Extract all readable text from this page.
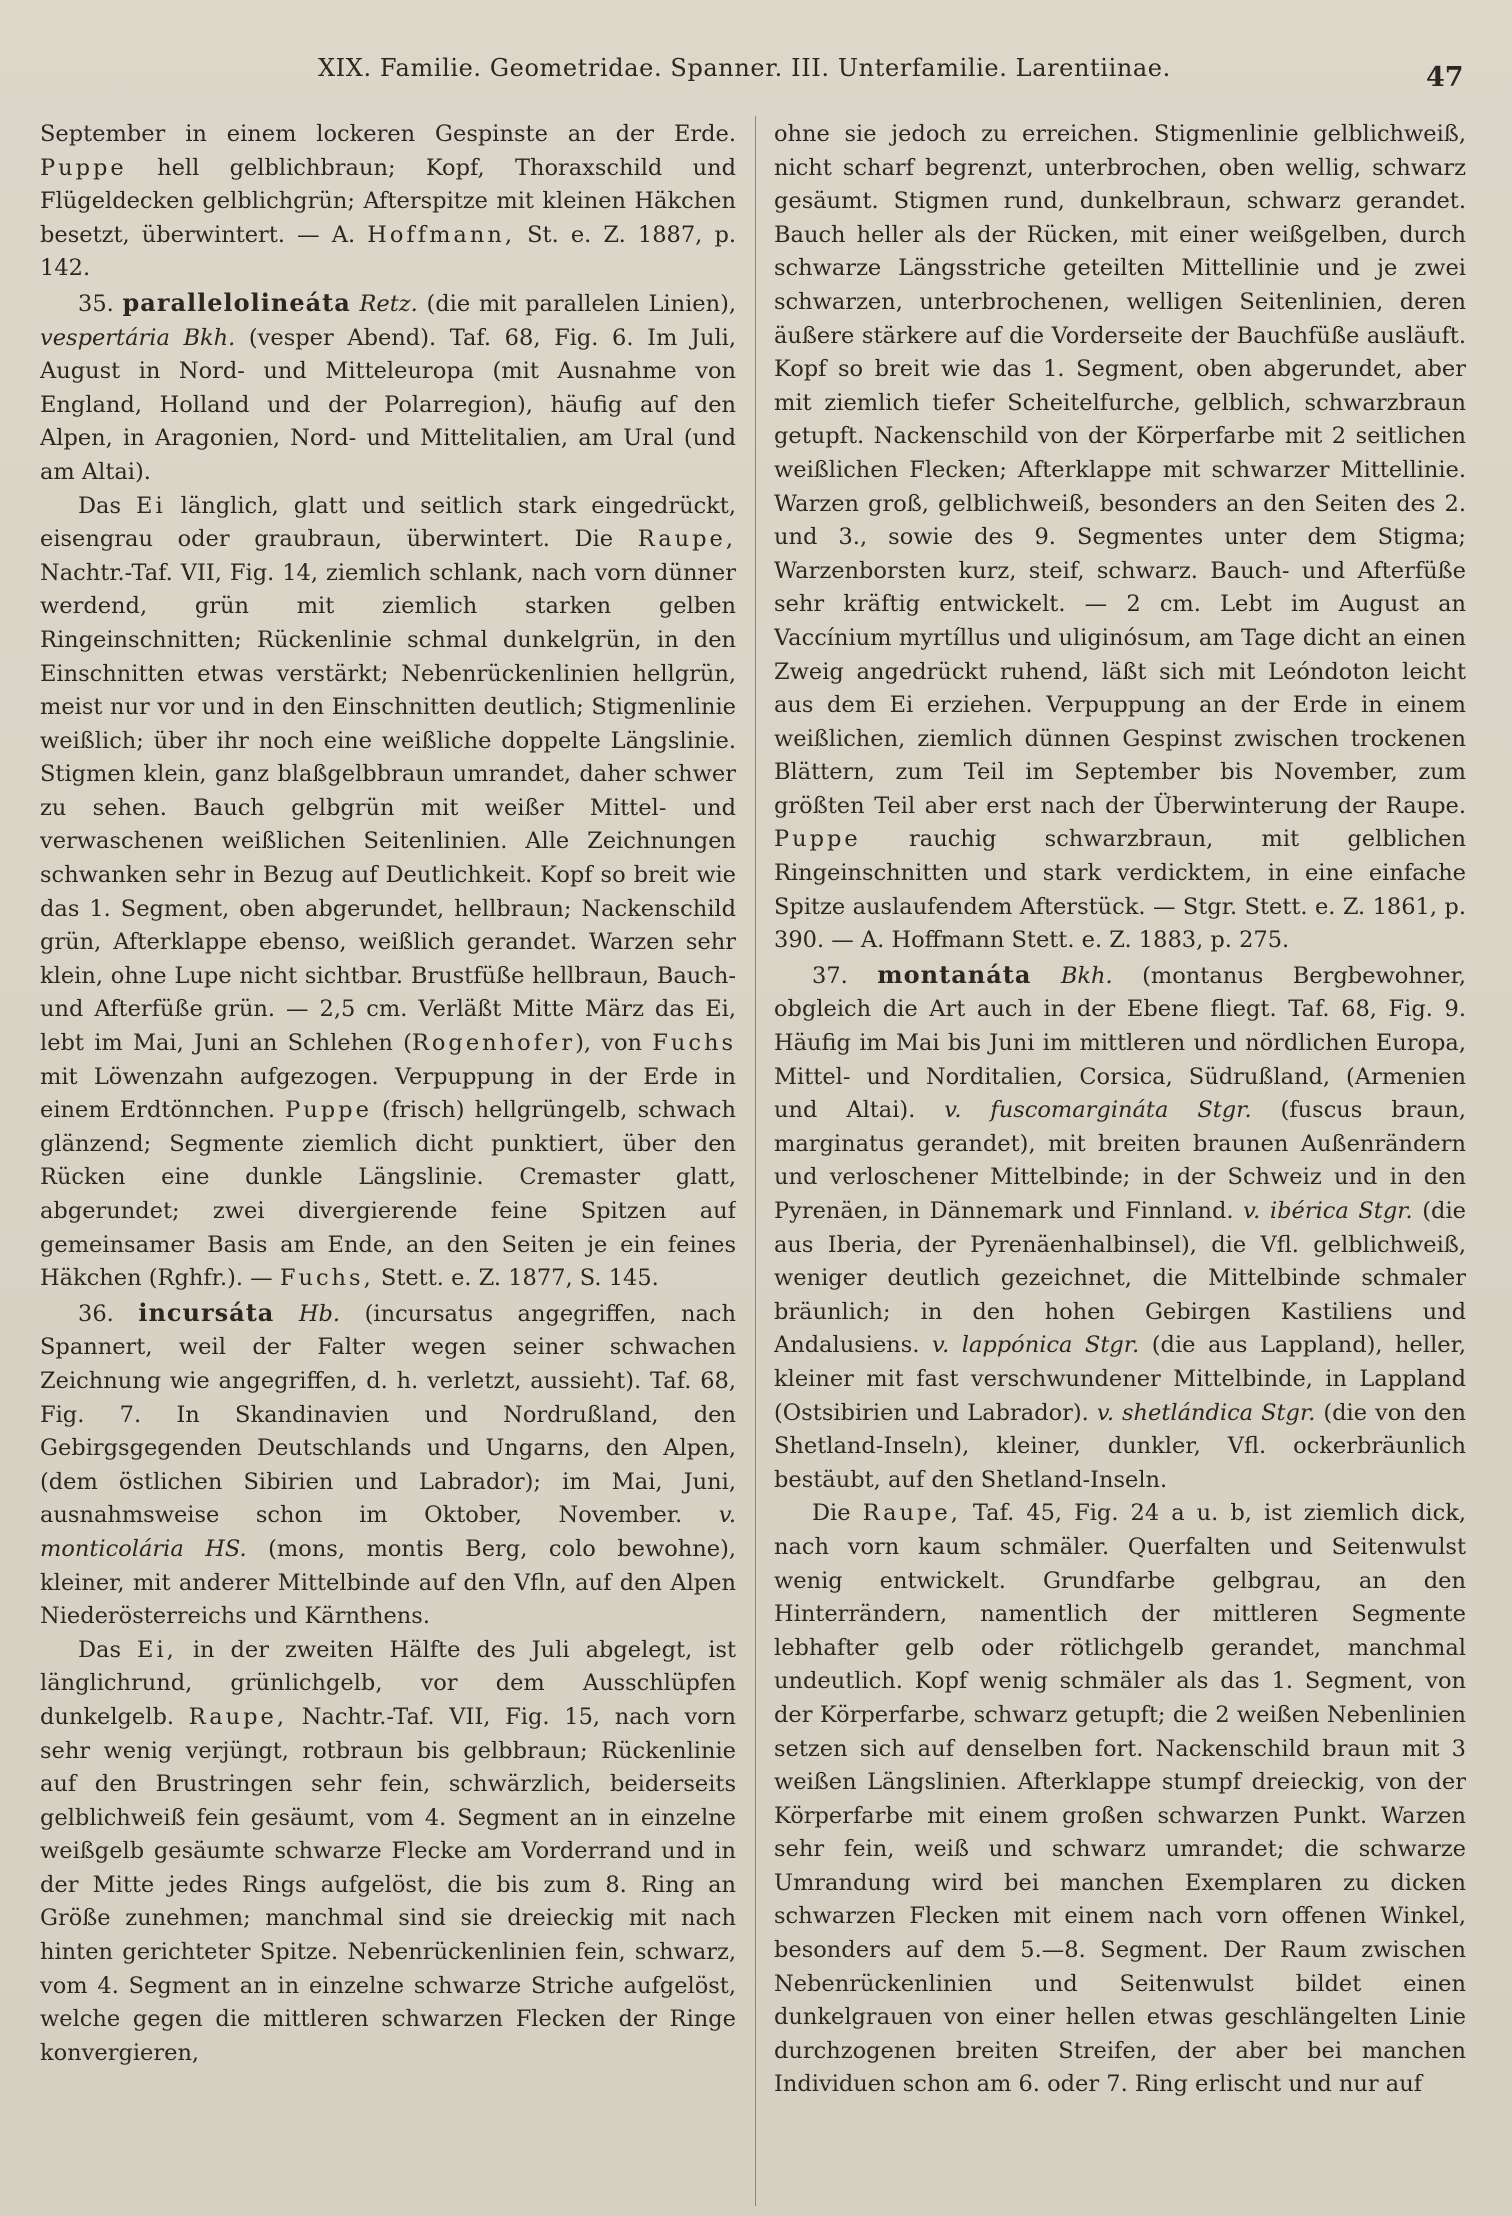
XIX. Familie. Geometridae. Spanner. III. Unterfamilie. Larentiinae.	47

September in einem lockeren Gespinste an der Erde. Puppe hell gelblichbraun; Kopf, Thoraxschild und Flügeldecken gelblichgrün; Afterspitze mit kleinen Häkchen besetzt, überwintert. — A. Hoffmann, St. e. Z. 1887, p. 142.

35. parallelolineáta Retz. (die mit parallelen Linien), vespertária Bkh. (vesper Abend). Taf. 68, Fig. 6. Im Juli, August in Nord- und Mitteleuropa (mit Ausnahme von England, Holland und der Polarregion), häufig auf den Alpen, in Aragonien, Nord- und Mittelitalien, am Ural (und am Altai).

Das Ei länglich, glatt und seitlich stark eingedrückt, eisengrau oder graubraun, überwintert. Die Raupe, Nachtr.-Taf. VII, Fig. 14, ziemlich schlank, nach vorn dünner werdend, grün mit ziemlich starken gelben Ringeinschnitten; Rückenlinie schmal dunkelgrün, in den Einschnitten etwas verstärkt; Nebenrückenlinien hellgrün, meist nur vor und in den Einschnitten deutlich; Stigmenlinie weißlich; über ihr noch eine weißliche doppelte Längslinie. Stigmen klein, ganz blaßgelbbraun umrandet, daher schwer zu sehen. Bauch gelbgrün mit weißer Mittel- und verwaschenen weißlichen Seitenlinien. Alle Zeichnungen schwanken sehr in Bezug auf Deutlichkeit. Kopf so breit wie das 1. Segment, oben abgerundet, hellbraun; Nackenschild grün, Afterklappe ebenso, weißlich gerandet. Warzen sehr klein, ohne Lupe nicht sichtbar. Brustfüße hellbraun, Bauch- und Afterfüße grün. — 2,5 cm. Verläßt Mitte März das Ei, lebt im Mai, Juni an Schlehen (Rogenhofer), von Fuchs mit Löwenzahn aufgezogen. Verpuppung in der Erde in einem Erdtönnchen. Puppe (frisch) hellgrüngelb, schwach glänzend; Segmente ziemlich dicht punktiert, über den Rücken eine dunkle Längslinie. Cremaster glatt, abgerundet; zwei divergierende feine Spitzen auf gemeinsamer Basis am Ende, an den Seiten je ein feines Häkchen (Rghfr.). — Fuchs, Stett. e. Z. 1877, S. 145.

36. incursáta Hb. (incursatus angegriffen, nach Spannert, weil der Falter wegen seiner schwachen Zeichnung wie angegriffen, d. h. verletzt, aussieht). Taf. 68, Fig. 7. In Skandinavien und Nordrußland, den Gebirgsgegenden Deutschlands und Ungarns, den Alpen, (dem östlichen Sibirien und Labrador); im Mai, Juni, ausnahmsweise schon im Oktober, November. v. monticolária HS. (mons, montis Berg, colo bewohne), kleiner, mit anderer Mittelbinde auf den Vfln, auf den Alpen Niederösterreichs und Kärnthens.

Das Ei, in der zweiten Hälfte des Juli abgelegt, ist länglichrund, grünlichgelb, vor dem Ausschlüpfen dunkelgelb. Raupe, Nachtr.-Taf. VII, Fig. 15, nach vorn sehr wenig verjüngt, rotbraun bis gelbbraun; Rückenlinie auf den Brustringen sehr fein, schwärzlich, beiderseits gelblichweiß fein gesäumt, vom 4. Segment an in einzelne weißgelb gesäumte schwarze Flecke am Vorderrand und in der Mitte jedes Rings aufgelöst, die bis zum 8. Ring an Größe zunehmen; manchmal sind sie dreieckig mit nach hinten gerichteter Spitze. Nebenrückenlinien fein, schwarz, vom 4. Segment an in einzelne schwarze Striche aufgelöst, welche gegen die mittleren schwarzen Flecken der Ringe konvergieren,

ohne sie jedoch zu erreichen. Stigmenlinie gelblichweiß, nicht scharf begrenzt, unterbrochen, oben wellig, schwarz gesäumt. Stigmen rund, dunkelbraun, schwarz gerandet. Bauch heller als der Rücken, mit einer weißgelben, durch schwarze Längsstriche geteilten Mittellinie und je zwei schwarzen, unterbrochenen, welligen Seitenlinien, deren äußere stärkere auf die Vorderseite der Bauchfüße ausläuft. Kopf so breit wie das 1. Segment, oben abgerundet, aber mit ziemlich tiefer Scheitelfurche, gelblich, schwarzbraun getupft. Nackenschild von der Körperfarbe mit 2 seitlichen weißlichen Flecken; Afterklappe mit schwarzer Mittellinie. Warzen groß, gelblichweiß, besonders an den Seiten des 2. und 3., sowie des 9. Segmentes unter dem Stigma; Warzenborsten kurz, steif, schwarz. Bauch- und Afterfüße sehr kräftig entwickelt. — 2 cm. Lebt im August an Vaccínium myrtíllus und uliginósum, am Tage dicht an einen Zweig angedrückt ruhend, läßt sich mit Leóndoton leicht aus dem Ei erziehen. Verpuppung an der Erde in einem weißlichen, ziemlich dünnen Gespinst zwischen trockenen Blättern, zum Teil im September bis November, zum größten Teil aber erst nach der Überwinterung der Raupe. Puppe rauchig schwarzbraun, mit gelblichen Ringeinschnitten und stark verdicktem, in eine einfache Spitze auslaufendem Afterstück. — Stgr. Stett. e. Z. 1861, p. 390. — A. Hoffmann Stett. e. Z. 1883, p. 275.

37. montanáta Bkh. (montanus Bergbewohner, obgleich die Art auch in der Ebene fliegt. Taf. 68, Fig. 9. Häufig im Mai bis Juni im mittleren und nördlichen Europa, Mittel- und Norditalien, Corsica, Südrußland, (Armenien und Altai). v. fuscomargináta Stgr. (fuscus braun, marginatus gerandet), mit breiten braunen Außenrändern und verloschener Mittelbinde; in der Schweiz und in den Pyrenäen, in Dännemark und Finnland. v. ibérica Stgr. (die aus Iberia, der Pyrenäenhalbinsel), die Vfl. gelblichweiß, weniger deutlich gezeichnet, die Mittelbinde schmaler bräunlich; in den hohen Gebirgen Kastiliens und Andalusiens. v. lappónica Stgr. (die aus Lappland), heller, kleiner mit fast verschwundener Mittelbinde, in Lappland (Ostsibirien und Labrador). v. shetlándica Stgr. (die von den Shetland-Inseln), kleiner, dunkler, Vfl. ockerbräunlich bestäubt, auf den Shetland-Inseln.

Die Raupe, Taf. 45, Fig. 24 a u. b, ist ziemlich dick, nach vorn kaum schmäler. Querfalten und Seitenwulst wenig entwickelt. Grundfarbe gelbgrau, an den Hinterrändern, namentlich der mittleren Segmente lebhafter gelb oder rötlichgelb gerandet, manchmal undeutlich. Kopf wenig schmäler als das 1. Segment, von der Körperfarbe, schwarz getupft; die 2 weißen Nebenlinien setzen sich auf denselben fort. Nackenschild braun mit 3 weißen Längslinien. Afterklappe stumpf dreieckig, von der Körperfarbe mit einem großen schwarzen Punkt. Warzen sehr fein, weiß und schwarz umrandet; die schwarze Umrandung wird bei manchen Exemplaren zu dicken schwarzen Flecken mit einem nach vorn offenen Winkel, besonders auf dem 5.—8. Segment. Der Raum zwischen Nebenrückenlinien und Seitenwulst bildet einen dunkelgrauen von einer hellen etwas geschlängelten Linie durchzogenen breiten Streifen, der aber bei manchen Individuen schon am 6. oder 7. Ring erlischt und nur auf
